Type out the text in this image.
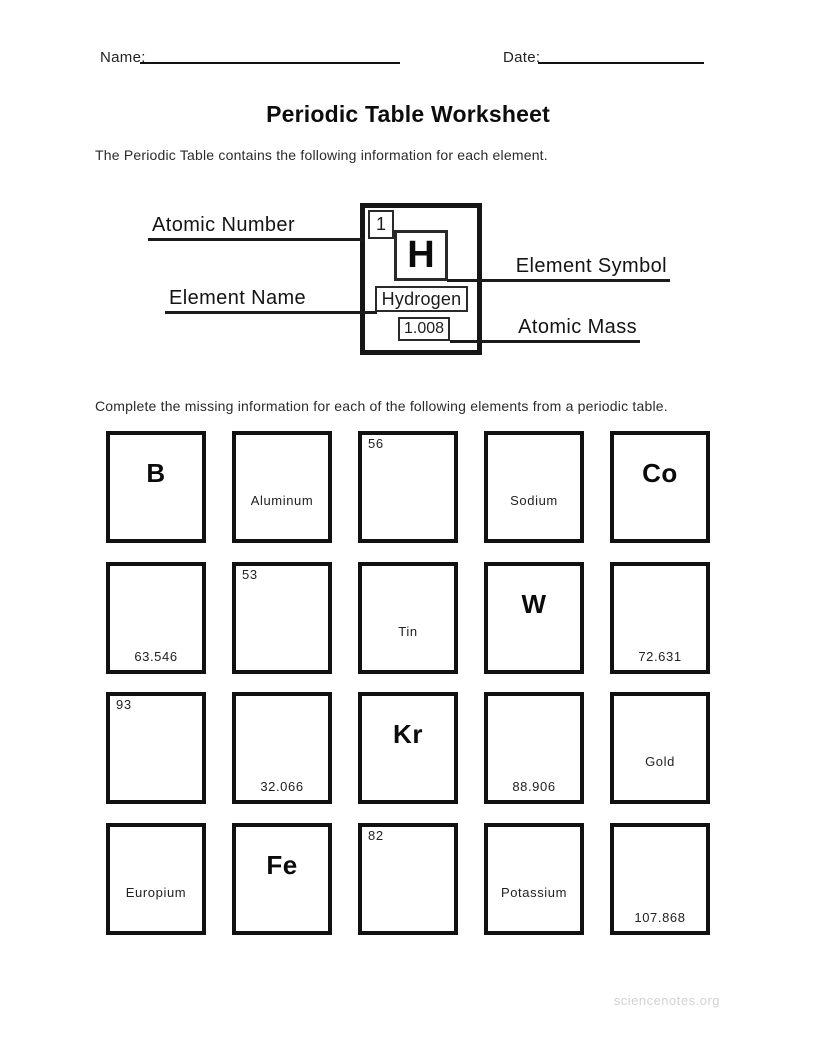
Name:	Date:
Periodic Table Worksheet
The Periodic Table contains the following information for each element.
1
H
Hydrogen
1.008
Atomic Number
Element Name
Element Symbol
Atomic Mass
Complete the missing information for each of the following elements from a periodic table.
B
Aluminum
56
Sodium
Co
63.546
53
Tin
W
72.631
93
32.066
Kr
88.906
Gold
Europium
Fe
82
Potassium
107.868
sciencenotes.org
